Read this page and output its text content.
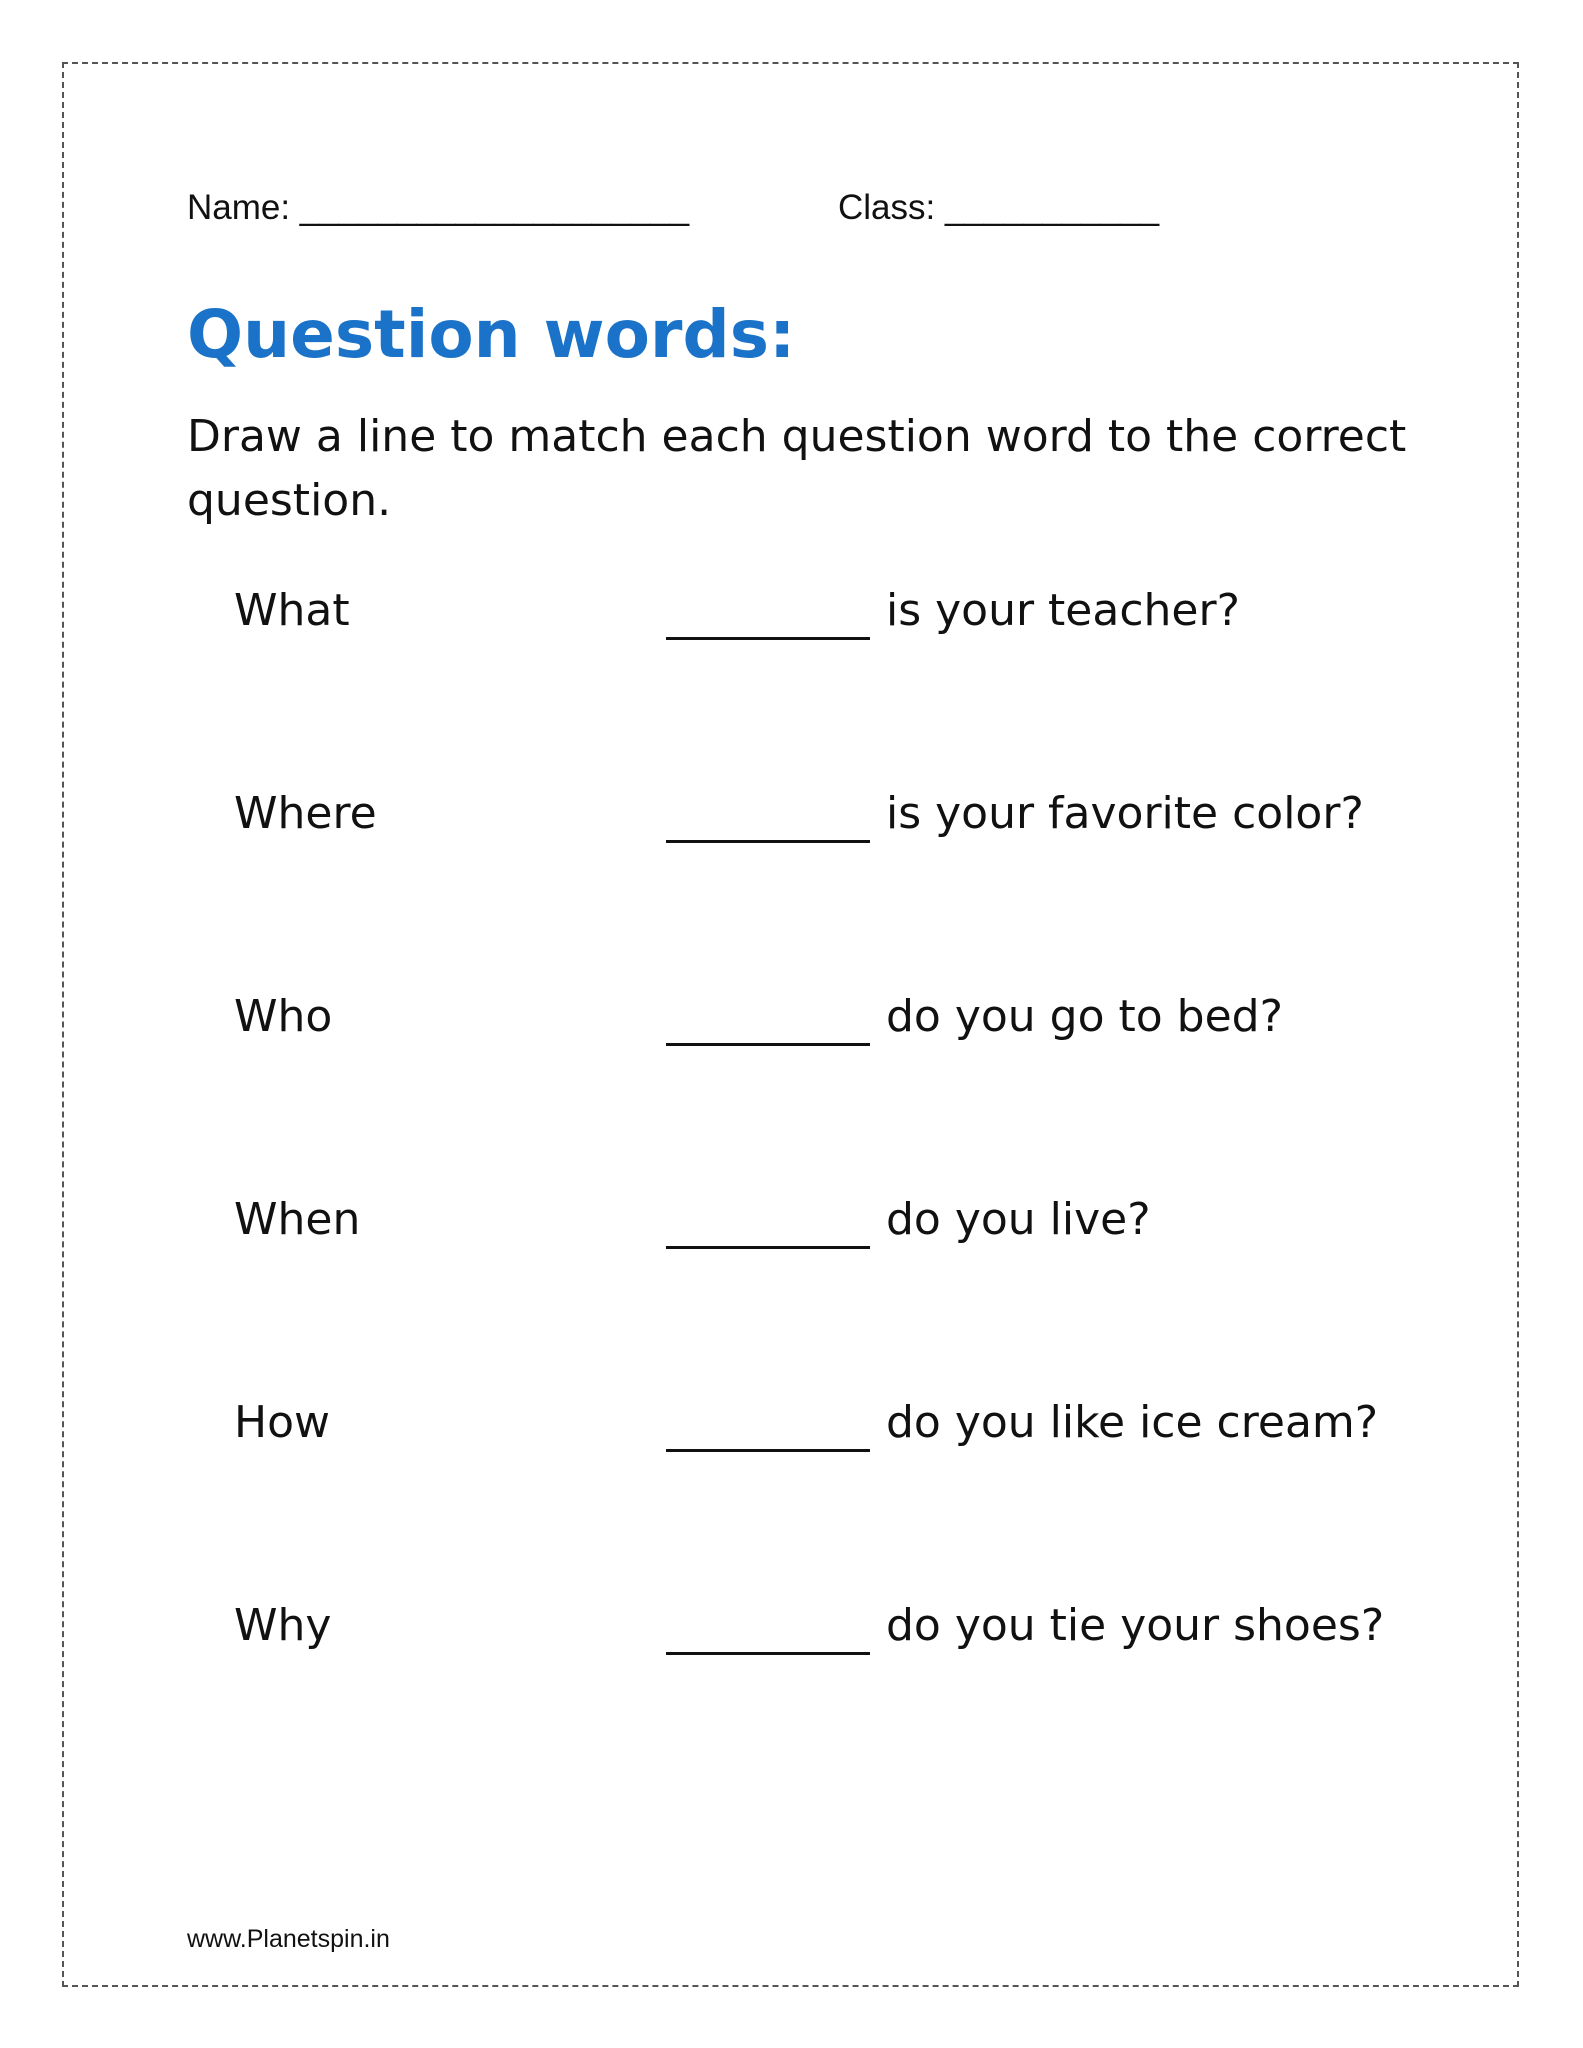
Name: ____________________	Class: ___________
Question words:
Draw a line to match each question word to the correct question.
What	is your teacher?
Where	is your favorite color?
Who	do you go to bed?
When	do you live?
How	do you like ice cream?
Why	do you tie your shoes?
www.Planetspin.in
